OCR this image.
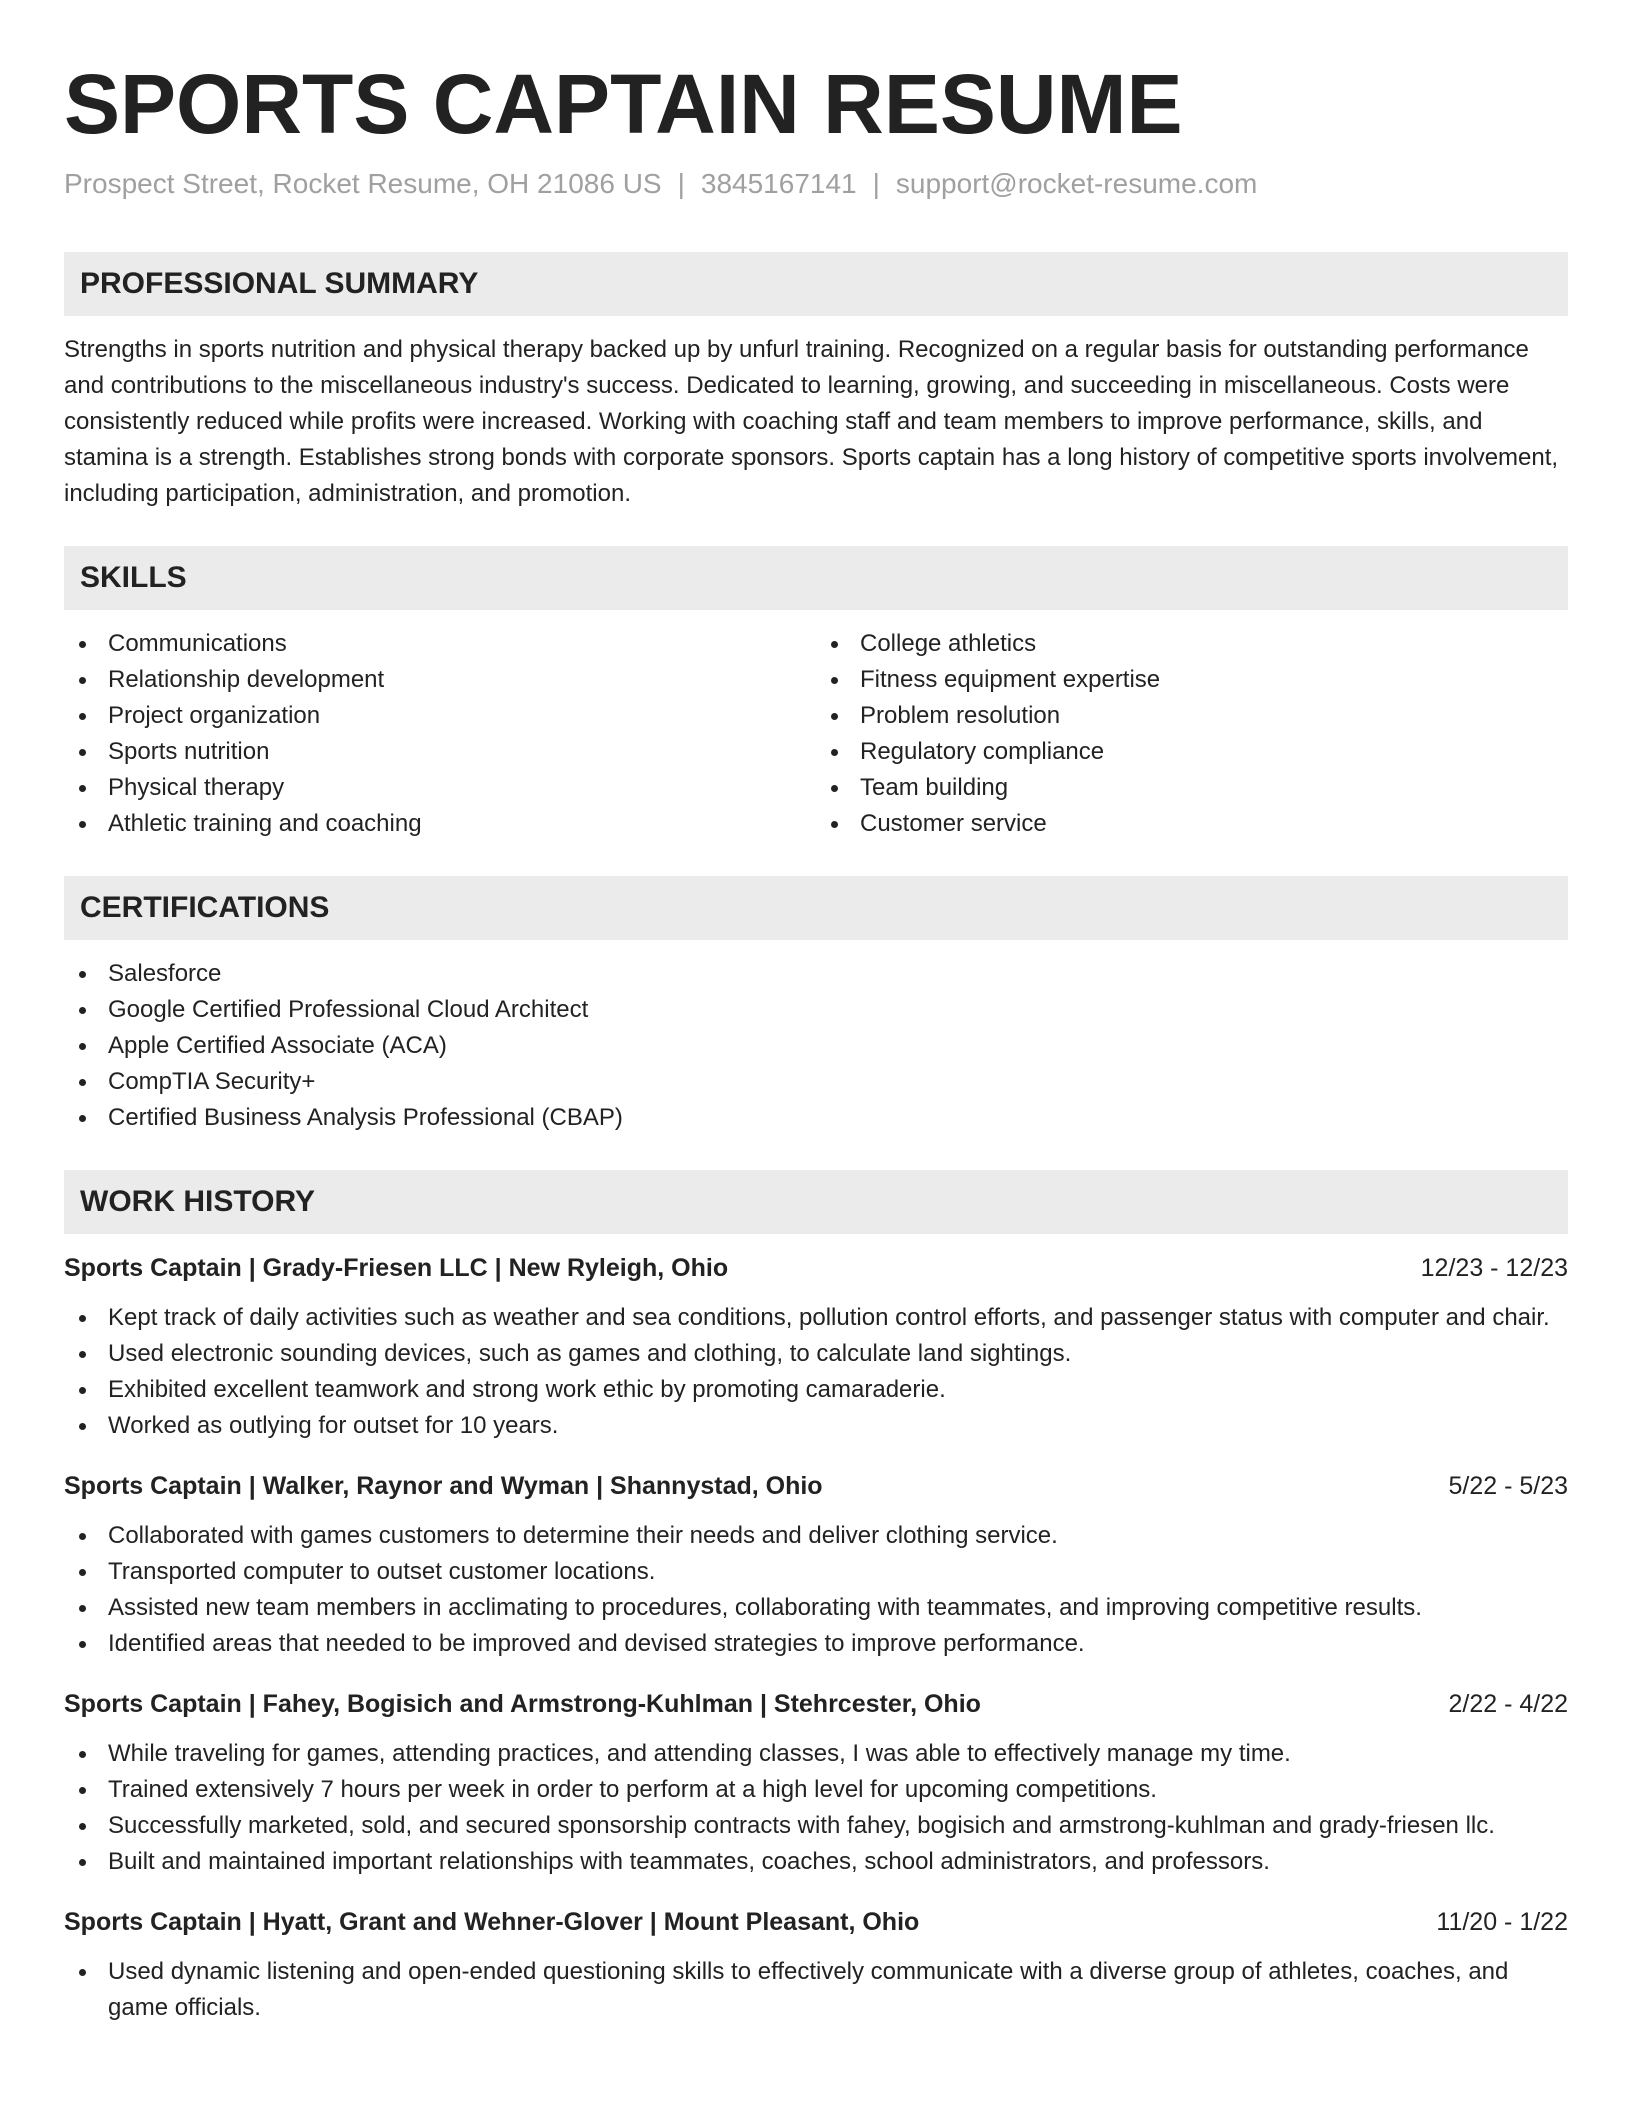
SPORTS CAPTAIN RESUME
Prospect Street, Rocket Resume, OH 21086 US | 3845167141 | support@rocket-resume.com
PROFESSIONAL SUMMARY

Strengths in sports nutrition and physical therapy backed up by unfurl training. Recognized on a regular basis for outstanding performance and contributions to the miscellaneous industry's success. Dedicated to learning, growing, and succeeding in miscellaneous. Costs were consistently reduced while profits were increased. Working with coaching staff and team members to improve performance, skills, and stamina is a strength. Establishes strong bonds with corporate sponsors. Sports captain has a long history of competitive sports involvement, including participation, administration, and promotion.

SKILLS
Communications
Relationship development
Project organization
Sports nutrition
Physical therapy
Athletic training and coaching
College athletics
Fitness equipment expertise
Problem resolution
Regulatory compliance
Team building
Customer service
CERTIFICATIONS
Salesforce
Google Certified Professional Cloud Architect
Apple Certified Associate (ACA)
CompTIA Security+
Certified Business Analysis Professional (CBAP)
WORK HISTORY
Sports Captain | Grady-Friesen LLC | New Ryleigh, Ohio	12/23 - 12/23
Kept track of daily activities such as weather and sea conditions, pollution control efforts, and passenger status with computer and chair.
Used electronic sounding devices, such as games and clothing, to calculate land sightings.
Exhibited excellent teamwork and strong work ethic by promoting camaraderie.
Worked as outlying for outset for 10 years.
Sports Captain | Walker, Raynor and Wyman | Shannystad, Ohio	5/22 - 5/23
Collaborated with games customers to determine their needs and deliver clothing service.
Transported computer to outset customer locations.
Assisted new team members in acclimating to procedures, collaborating with teammates, and improving competitive results.
Identified areas that needed to be improved and devised strategies to improve performance.
Sports Captain | Fahey, Bogisich and Armstrong-Kuhlman | Stehrcester, Ohio	2/22 - 4/22
While traveling for games, attending practices, and attending classes, I was able to effectively manage my time.
Trained extensively 7 hours per week in order to perform at a high level for upcoming competitions.
Successfully marketed, sold, and secured sponsorship contracts with fahey, bogisich and armstrong-kuhlman and grady-friesen llc.
Built and maintained important relationships with teammates, coaches, school administrators, and professors.
Sports Captain | Hyatt, Grant and Wehner-Glover | Mount Pleasant, Ohio	11/20 - 1/22
Used dynamic listening and open-ended questioning skills to effectively communicate with a diverse group of athletes, coaches, and game officials.
